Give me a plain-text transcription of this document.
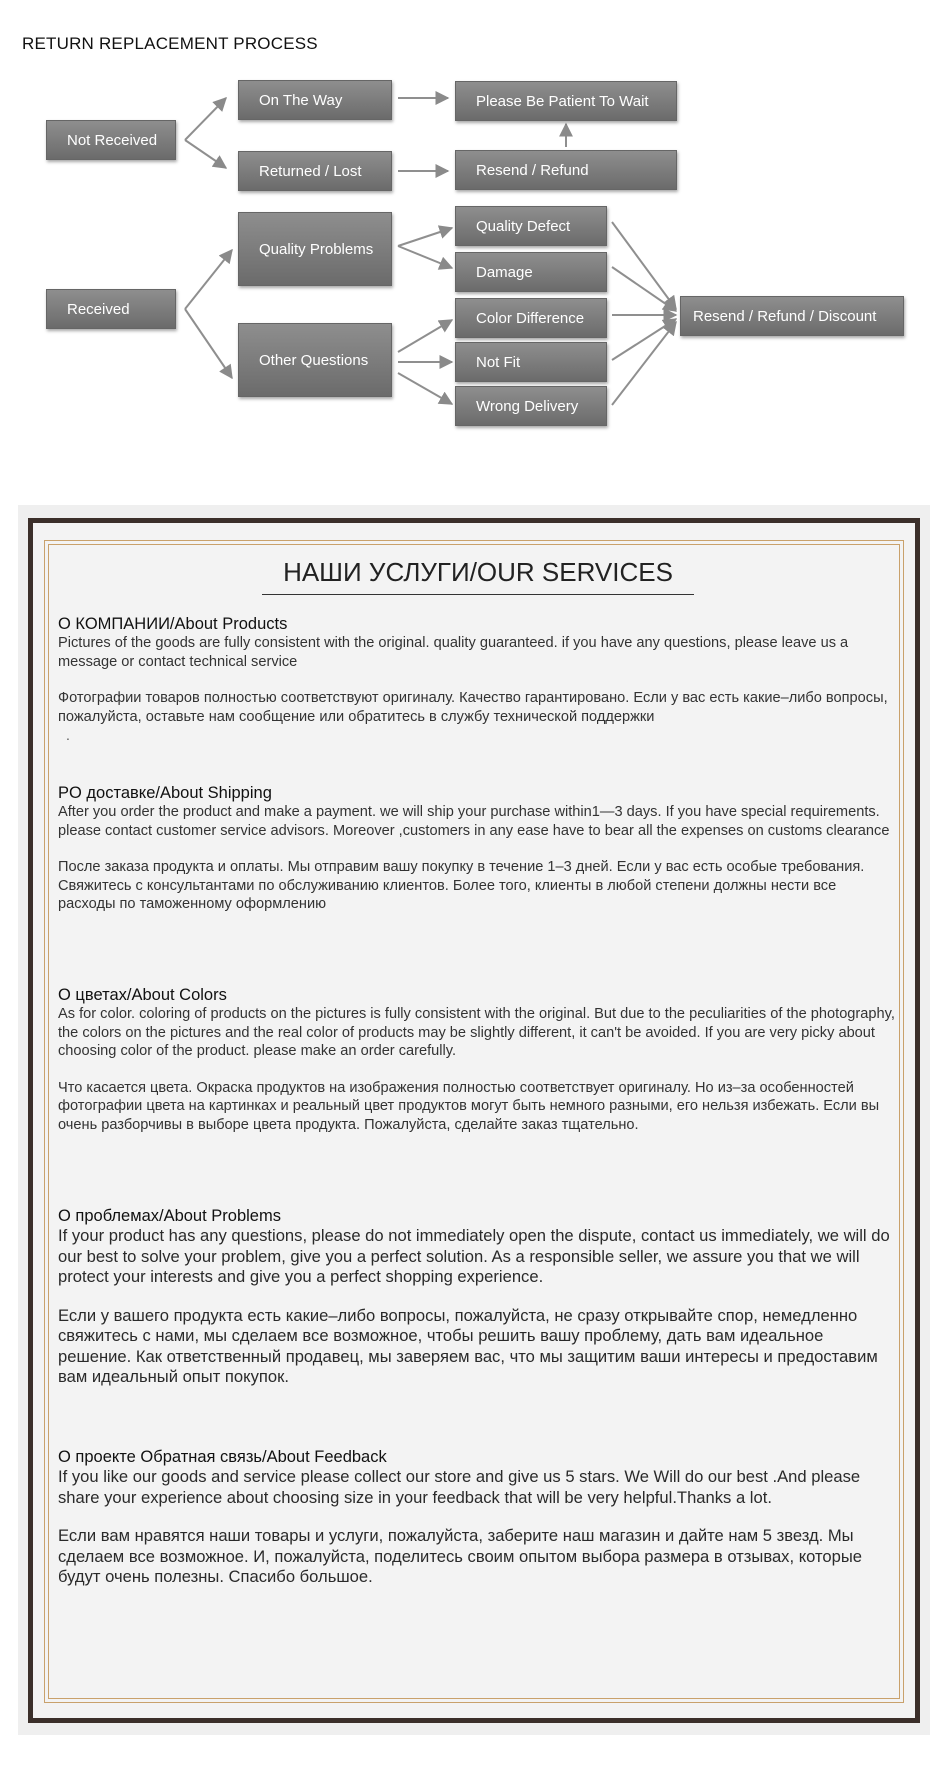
RETURN REPLACEMENT PROCESS
Not Received
On The Way	Please Be Patient To Wait
Returned / Lost	Resend / Refund
Received
Quality Problems
Other Questions
Quality Defect
Damage
Color Difference
Not Fit
Wrong Delivery
Resend / Refund / Discount
НАШИ УСЛУГИ/OUR SERVICES
О КОМПАНИИ/About Products

Pictures of the goods are fully consistent with the original. quality guaranteed. if you have any questions, please leave us a message or contact technical service

Фотографии товаров полностью соответствуют оригиналу. Качество гарантировано. Если у вас есть какие–либо вопросы, пожалуйста, оставьте нам сообщение или обратитесь в службу технической поддержки

.
PO доставке/About Shipping

After you order the product and make a payment. we will ship your purchase within1—3 days. If you have special requirements. please contact customer service advisors. Moreover ,customers in any ease have to bear all the expenses on customs clearance

После заказа продукта и оплаты. Мы отправим вашу покупку в течение 1–3 дней. Если у вас есть особые требования. Свяжитесь с консультантами по обслуживанию клиентов. Более того, клиенты в любой степени должны нести все расходы по таможенному оформлению

О цветах/About Colors

As for color. coloring of products on the pictures is fully consistent with the original. But due to the peculiarities of the photography, the colors on the pictures and the real color of products may be slightly different, it can't be avoided. If you are very picky about choosing color of the product. please make an order carefully.

Что касается цвета. Окраска продуктов на изображения полностью соответствует оригиналу. Но из–за особенностей фотографии цвета на картинках и реальный цвет продуктов могут быть немного разными, его нельзя избежать. Если вы очень разборчивы в выборе цвета продукта. Пожалуйста, сделайте заказ тщательно.

О проблемах/About Problems

If your product has any questions, please do not immediately open the dispute, contact us immediately, we will do our best to solve your problem, give you a perfect solution. As a responsible seller, we assure you that we will protect your interests and give you a perfect shopping experience.

Если у вашего продукта есть какие–либо вопросы, пожалуйста, не сразу открывайте спор, немедленно свяжитесь с нами, мы сделаем все возможное, чтобы решить вашу проблему, дать вам идеальное решение. Как ответственный продавец, мы заверяем вас, что мы защитим ваши интересы и предоставим вам идеальный опыт покупок.

О проекте Обратная связь/About Feedback

If you like our goods and service please collect our store and give us 5 stars. We Will do our best .And please share your experience about choosing size in your feedback that will be very helpful.Thanks a lot.

Если вам нравятся наши товары и услуги, пожалуйста, заберите наш магазин и дайте нам 5 звезд. Мы сделаем все возможное. И, пожалуйста, поделитесь своим опытом выбора размера в отзывах, которые будут очень полезны. Спасибо большое.
